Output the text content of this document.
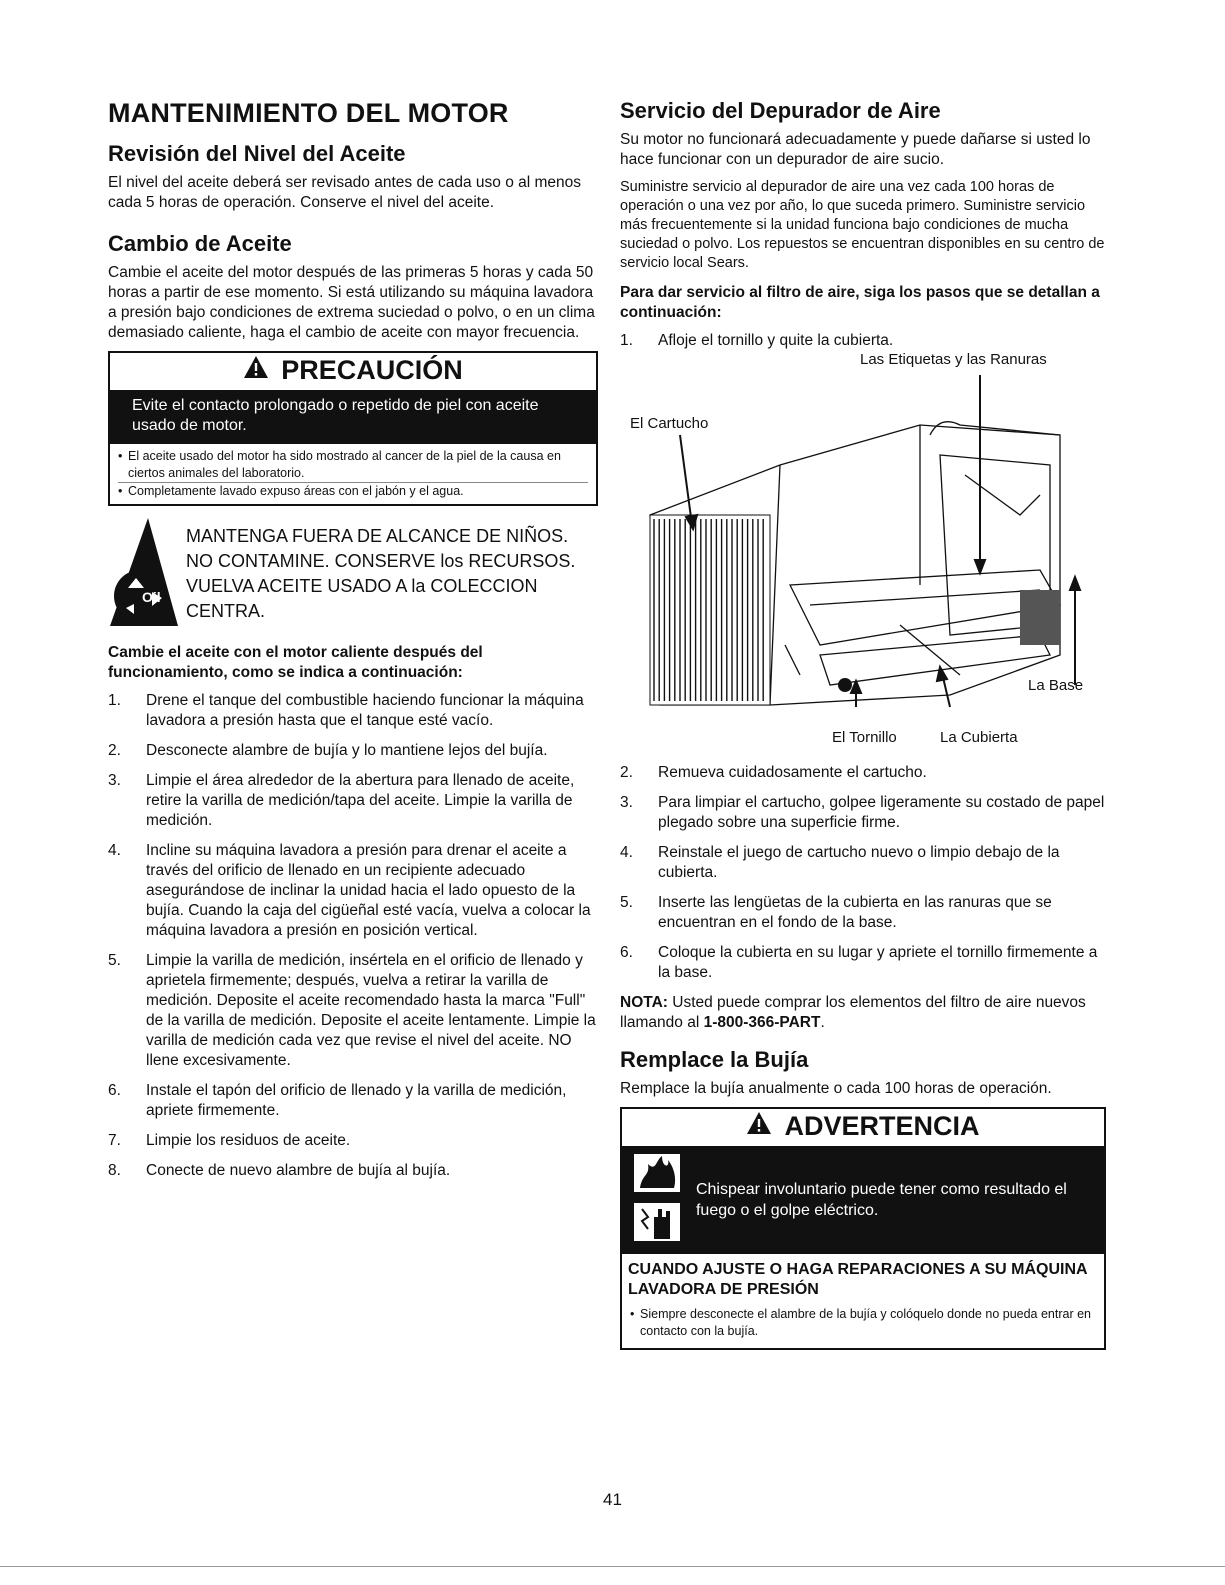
MANTENIMIENTO DEL MOTOR
Revisión del Nivel del Aceite

El nivel del aceite deberá ser revisado antes de cada uso o al menos cada 5 horas de operación. Conserve el nivel del aceite.

Cambio de Aceite

Cambie el aceite del motor después de las primeras 5 horas y cada 50 horas a partir de ese momento. Si está utilizando su máquina lavadora a presión bajo condiciones de extrema suciedad o polvo, o en un clima demasiado caliente, haga el cambio de aceite con mayor frecuencia.

PRECAUCIÓN
Evite el contacto prolongado o repetido de piel con aceite usado de motor.
• El aceite usado del motor ha sido mostrado al cancer de la piel de la causa en ciertos animales del laboratorio.
• Completamente lavado expuso áreas con el jabón y el agua.
Oil
MANTENGA FUERA DE ALCANCE DE NIÑOS. NO CONTAMINE. CONSERVE los RECURSOS. VUELVA ACEITE USADO A la COLECCION CENTRA.

Cambie el aceite con el motor caliente después del funcionamiento, como se indica a continuación:

1. Drene el tanque del combustible haciendo funcionar la máquina lavadora a presión hasta que el tanque esté vacío.
2. Desconecte alambre de bujía y lo mantiene lejos del bujía.
3. Limpie el área alrededor de la abertura para llenado de aceite, retire la varilla de medición/tapa del aceite. Limpie la varilla de medición.
4. Incline su máquina lavadora a presión para drenar el aceite a través del orificio de llenado en un recipiente adecuado asegurándose de inclinar la unidad hacia el lado opuesto de la bujía. Cuando la caja del cigüeñal esté vacía, vuelva a colocar la máquina lavadora a presión en posición vertical.
5. Limpie la varilla de medición, insértela en el orificio de llenado y aprietela firmemente; después, vuelva a retirar la varilla de medición. Deposite el aceite recomendado hasta la marca "Full" de la varilla de medición. Deposite el aceite lentamente. Limpie la varilla de medición cada vez que revise el nivel del aceite. NO llene excesivamente.
6. Instale el tapón del orificio de llenado y la varilla de medición, apriete firmemente.
7. Limpie los residuos de aceite.
8. Conecte de nuevo alambre de bujía al bujía.
Servicio del Depurador de Aire

Su motor no funcionará adecuadamente y puede dañarse si usted lo hace funcionar con un depurador de aire sucio.

Suministre servicio al depurador de aire una vez cada 100 horas de operación o una vez por año, lo que suceda primero. Suministre servicio más frecuentemente si la unidad funciona bajo condiciones de mucha suciedad o polvo. Los repuestos se encuentran disponibles en su centro de servicio local Sears.

Para dar servicio al filtro de aire, siga los pasos que se detallan a continuación:

1. Afloje el tornillo y quite la cubierta.
Las Etiquetas y las Ranuras
El Cartucho
La Base
El Tornillo	La Cubierta
2. Remueva cuidadosamente el cartucho.
3. Para limpiar el cartucho, golpee ligeramente su costado de papel plegado sobre una superficie firme.
4. Reinstale el juego de cartucho nuevo o limpio debajo de la cubierta.
5. Inserte las lengüetas de la cubierta en las ranuras que se encuentran en el fondo de la base.
6. Coloque la cubierta en su lugar y apriete el tornillo firmemente a la base.

NOTA: Usted puede comprar los elementos del filtro de aire nuevos llamando al 1-800-366-PART.

Remplace la Bujía

Remplace la bujía anualmente o cada 100 horas de operación.

ADVERTENCIA
Chispear involuntario puede tener como resultado el fuego o el golpe eléctrico.
CUANDO AJUSTE O HAGA REPARACIONES A SU MÁQUINA LAVADORA DE PRESIÓN
• Siempre desconecte el alambre de la bujía y colóquelo donde no pueda entrar en contacto con la bujía.
41
